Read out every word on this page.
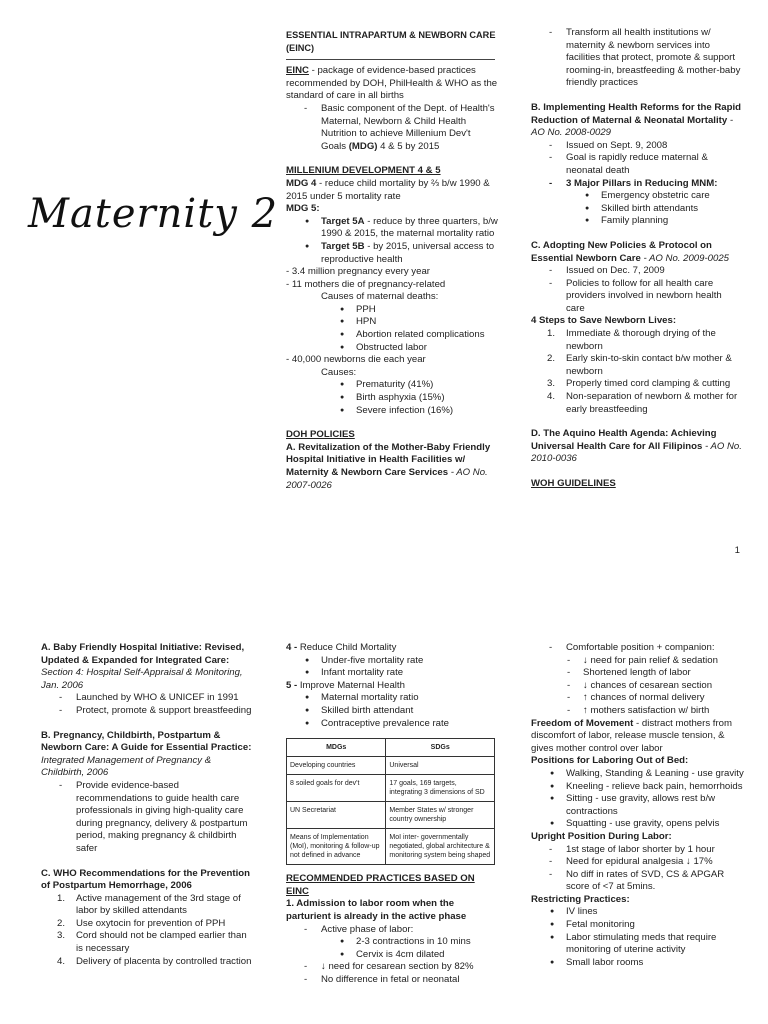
Maternity 2
ESSENTIAL INTRAPARTUM & NEWBORN CARE (EINC)
EINC - package of evidence-based practices recommended by DOH, PhilHealth & WHO as the standard of care in all births
- Basic component of the Dept. of Health's Maternal, Newborn & Child Health Nutrition to achieve Millenium Dev't Goals (MDG) 4 & 5 by 2015
MILLENIUM DEVELOPMENT 4 & 5
MDG 4 - reduce child mortality by ⅔ b/w 1990 & 2015 under 5 mortality rate
MDG 5:
● Target 5A - reduce by three quarters, b/w 1990 & 2015, the maternal mortality ratio
● Target 5B - by 2015, universal access to reproductive health
- 3.4 million pregnancy every year
- 11 mothers die of pregnancy-related
Causes of maternal deaths:
● PPH
● HPN
● Abortion related complications
● Obstructed labor
- 40,000 newborns die each year
Causes:
● Prematurity (41%)
● Birth asphyxia (15%)
● Severe infection (16%)
DOH POLICIES
A. Revitalization of the Mother-Baby Friendly Hospital Initiative in Health Facilities w/ Maternity & Newborn Care Services - AO No. 2007-0026
- Transform all health institutions w/ maternity & newborn services into facilities that protect, promote & support rooming-in, breastfeeding & mother-baby friendly practices
B. Implementing Health Reforms for the Rapid Reduction of Maternal & Neonatal Mortality - AO No. 2008-0029
- Issued on Sept. 9, 2008
- Goal is rapidly reduce maternal & neonatal death
- 3 Major Pillars in Reducing MNM:
● Emergency obstetric care
● Skilled birth attendants
● Family planning
C. Adopting New Policies & Protocol on Essential Newborn Care - AO No. 2009-0025
- Issued on Dec. 7, 2009
- Policies to follow for all health care providers involved in newborn health care
4 Steps to Save Newborn Lives:
1. Immediate & thorough drying of the newborn
2. Early skin-to-skin contact b/w mother & newborn
3. Properly timed cord clamping & cutting
4. Non-separation of newborn & mother for early breastfeeding
D. The Aquino Health Agenda: Achieving Universal Health Care for All Filipinos - AO No. 2010-0036
WOH GUIDELINES
1
A. Baby Friendly Hospital Initiative: Revised, Updated & Expanded for Integrated Care:
Section 4: Hospital Self-Appraisal & Monitoring, Jan. 2006
- Launched by WHO & UNICEF in 1991
- Protect, promote & support breastfeeding
B. Pregnancy, Childbirth, Postpartum & Newborn Care: A Guide for Essential Practice: Integrated Management of Pregnancy & Childbirth, 2006
- Provide evidence-based recommendations to guide health care professionals in giving high-quality care during pregnancy, delivery & postpartum period, making pregnancy & childbirth safer
C. WHO Recommendations for the Prevention of Postpartum Hemorrhage, 2006
1. Active management of the 3rd stage of labor by skilled attendants
2. Use oxytocin for prevention of PPH
3. Cord should not be clamped earlier than is necessary
4. Delivery of placenta by controlled traction
4 - Reduce Child Mortality
● Under-five mortality rate
● Infant mortality rate
5 - Improve Maternal Health
● Maternal mortality ratio
● Skilled birth attendant
● Contraceptive prevalence rate
MDGs	SDGs
Developing countries	Universal
8 soiled goals for dev't	17 goals, 169 targets, integrating 3 dimensions of SD
UN Secretariat	Member States w/ stronger country ownership
Means of Implementation (MoI), monitoring & follow-up not defined in advance	MoI inter- governmentally negotiated, global architecture & monitoring system being shaped
RECOMMENDED PRACTICES BASED ON EINC
1. Admission to labor room when the parturient is already in the active phase
- Active phase of labor:
● 2-3 contractions in 10 mins
● Cervix is 4cm dilated
- ↓ need for cesarean section by 82%
- No difference in fetal or neonatal
- Comfortable position + companion:
- ↓ need for pain relief & sedation
- Shortened length of labor
- ↓ chances of cesarean section
- ↑ chances of normal delivery
- ↑ mothers satisfaction w/ birth
Freedom of Movement - distract mothers from discomfort of labor, release muscle tension, & gives mother control over labor
Positions for Laboring Out of Bed:
● Walking, Standing & Leaning - use gravity
● Kneeling - relieve back pain, hemorrhoids
● Sitting - use gravity, allows rest b/w contractions
● Squatting - use gravity, opens pelvis
Upright Position During Labor:
- 1st stage of labor shorter by 1 hour
- Need for epidural analgesia ↓ 17%
- No diff in rates of SVD, CS & APGAR score of <7 at 5mins.
Restricting Practices:
● IV lines
● Fetal monitoring
● Labor stimulating meds that require monitoring of uterine activity
● Small labor rooms
